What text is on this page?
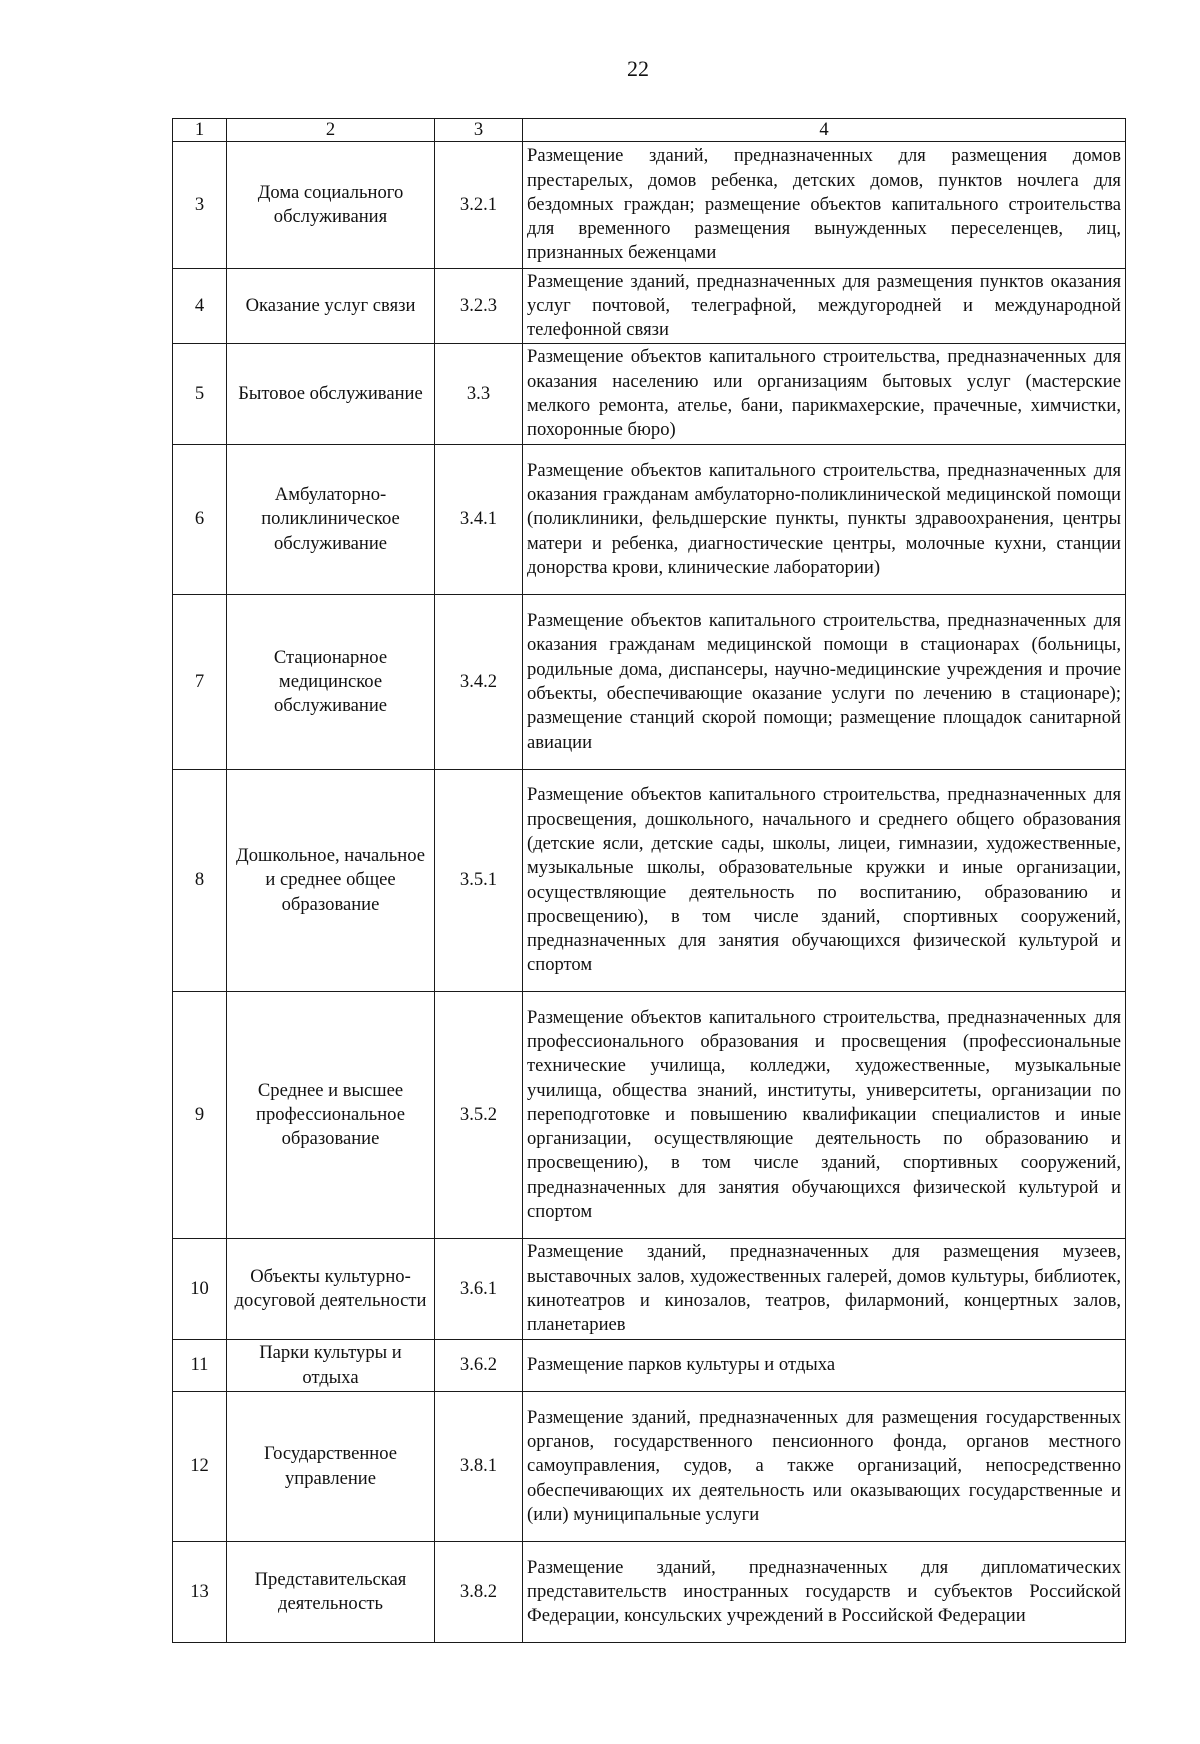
22
1	2	3	4
3	Дома социального обслуживания	3.2.1	Размещение зданий, предназначенных для размещения домов престарелых, домов ребенка, детских домов, пунктов ночлега для бездомных граждан; размещение объектов капитального строительства для временного размещения вынужденных переселенцев, лиц, признанных беженцами
4	Оказание услуг связи	3.2.3	Размещение зданий, предназначенных для размещения пунктов оказания услуг почтовой, телеграфной, междугородней и международной телефонной связи
5	Бытовое обслуживание	3.3	Размещение объектов капитального строительства, предназначенных для оказания населению или организациям бытовых услуг (мастерские мелкого ремонта, ателье, бани, парикмахерские, прачечные, химчистки, похоронные бюро)
6	Амбулаторно-поликлиническое обслуживание	3.4.1	Размещение объектов капитального строительства, предназначенных для оказания гражданам амбулаторно-поликлинической медицинской помощи (поликлиники, фельдшерские пункты, пункты здравоохранения, центры матери и ребенка, диагностические центры, молочные кухни, станции донорства крови, клинические лаборатории)
7	Стационарное медицинское обслуживание	3.4.2	Размещение объектов капитального строительства, предназначенных для оказания гражданам медицинской помощи в стационарах (больницы, родильные дома, диспансеры, научно-медицинские учреждения и прочие объекты, обеспечивающие оказание услуги по лечению в стационаре); размещение станций скорой помощи; размещение площадок санитарной авиации
8	Дошкольное, начальное и среднее общее образование	3.5.1	Размещение объектов капитального строительства, предназначенных для просвещения, дошкольного, начального и среднего общего образования (детские ясли, детские сады, школы, лицеи, гимназии, художественные, музыкальные школы, образовательные кружки и иные организации, осуществляющие деятельность по воспитанию, образованию и просвещению), в том числе зданий, спортивных сооружений, предназначенных для занятия обучающихся физической культурой и спортом
9	Среднее и высшее профессиональное образование	3.5.2	Размещение объектов капитального строительства, предназначенных для профессионального образования и просвещения (профессиональные технические училища, колледжи, художественные, музыкальные училища, общества знаний, институты, университеты, организации по переподготовке и повышению квалификации специалистов и иные организации, осуществляющие деятельность по образованию и просвещению), в том числе зданий, спортивных сооружений, предназначенных для занятия обучающихся физической культурой и спортом
10	Объекты культурно-досуговой деятельности	3.6.1	Размещение зданий, предназначенных для размещения музеев, выставочных залов, художественных галерей, домов культуры, библиотек, кинотеатров и кинозалов, театров, филармоний, концертных залов, планетариев
11	Парки культуры и отдыха	3.6.2	Размещение парков культуры и отдыха
12	Государственное управление	3.8.1	Размещение зданий, предназначенных для размещения государственных органов, государственного пенсионного фонда, органов местного самоуправления, судов, а также организаций, непосредственно обеспечивающих их деятельность или оказывающих государственные и (или) муниципальные услуги
13	Представительская деятельность	3.8.2	Размещение зданий, предназначенных для дипломатических представительств иностранных государств и субъектов Российской Федерации, консульских учреждений в Российской Федерации
